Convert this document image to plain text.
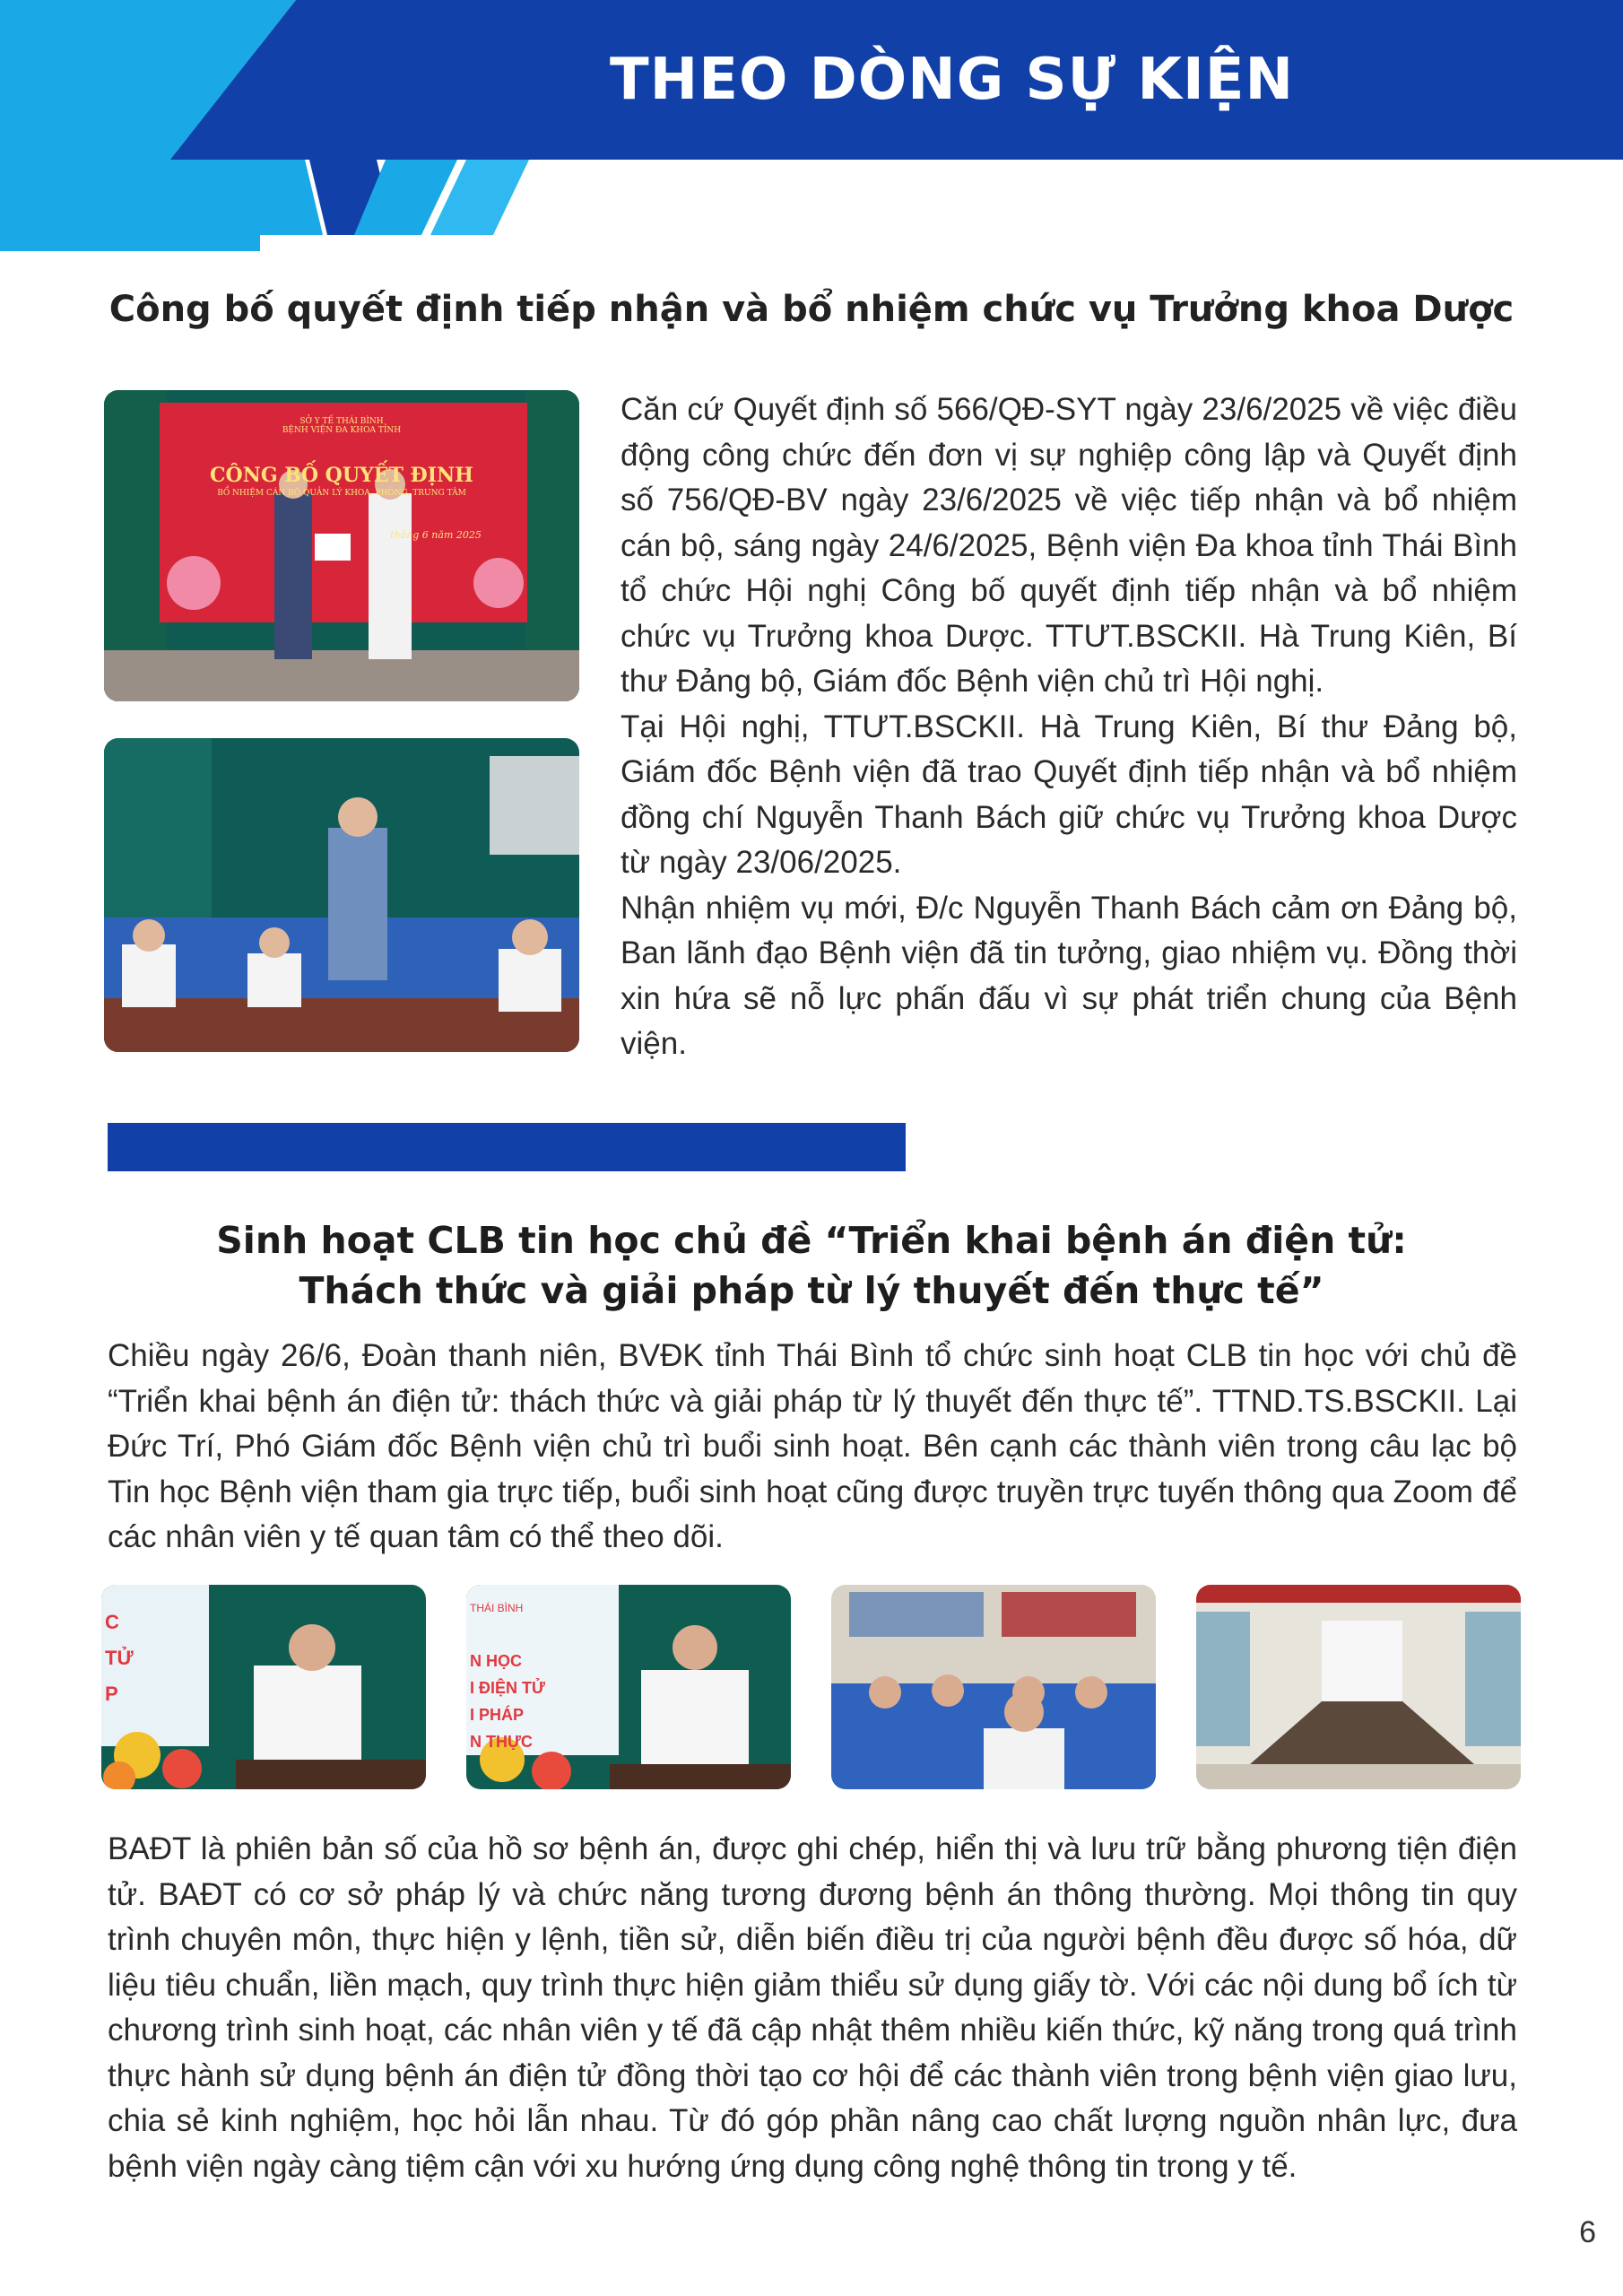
THEO DÒNG SỰ KIỆN
Công bố quyết định tiếp nhận và bổ nhiệm chức vụ Trưởng khoa Dược
SỞ Y TẾ THÁI BÌNH
BỆNH VIỆN ĐA KHOA TỈNH
CÔNG BỐ QUYẾT ĐỊNH
BỔ NHIỆM CÁN BỘ QUẢN LÝ KHOA, PHÒNG, TRUNG TÂM
tháng 6 năm 2025

Căn cứ Quyết định số 566/QĐ-SYT ngày 23/6/2025 về việc điều động công chức đến đơn vị sự nghiệp công lập và Quyết định số 756/QĐ-BV ngày 23/6/2025 về việc tiếp nhận và bổ nhiệm cán bộ, sáng ngày 24/6/2025, Bệnh viện Đa khoa tỉnh Thái Bình tổ chức Hội nghị Công bố quyết định tiếp nhận và bổ nhiệm chức vụ Trưởng khoa Dược. TTƯT.BSCKII. Hà Trung Kiên, Bí thư Đảng bộ, Giám đốc Bệnh viện chủ trì Hội nghị.

Tại Hội nghị, TTƯT.BSCKII. Hà Trung Kiên, Bí thư Đảng bộ, Giám đốc Bệnh viện đã trao Quyết định tiếp nhận và bổ nhiệm đồng chí Nguyễn Thanh Bách giữ chức vụ Trưởng khoa Dược từ ngày 23/06/2025.

Nhận nhiệm vụ mới, Đ/c Nguyễn Thanh Bách cảm ơn Đảng bộ, Ban lãnh đạo Bệnh viện đã tin tưởng, giao nhiệm vụ. Đồng thời xin hứa sẽ nỗ lực phấn đấu vì sự phát triển chung của Bệnh viện.

Sinh hoạt CLB tin học chủ đề “Triển khai bệnh án điện tử:
Thách thức và giải pháp từ lý thuyết đến thực tế”
Chiều ngày 26/6, Đoàn thanh niên, BVĐK tỉnh Thái Bình tổ chức sinh hoạt CLB tin học với chủ đề “Triển khai bệnh án điện tử: thách thức và giải pháp từ lý thuyết đến thực tế”. TTND.TS.BSCKII. Lại Đức Trí, Phó Giám đốc Bệnh viện chủ trì buổi sinh hoạt. Bên cạnh các thành viên trong câu lạc bộ Tin học Bệnh viện tham gia trực tiếp, buổi sinh hoạt cũng được truyền trực tuyến thông qua Zoom để các nhân viên y tế quan tâm có thể theo dõi.
C
TỬ
P
THÁI BÌNH
N HỌC
I ĐIỆN TỬ
I PHÁP
N THỰC
BAĐT là phiên bản số của hồ sơ bệnh án, được ghi chép, hiển thị và lưu trữ bằng phương tiện điện tử. BAĐT có cơ sở pháp lý và chức năng tương đương bệnh án thông thường. Mọi thông tin quy trình chuyên môn, thực hiện y lệnh, tiền sử, diễn biến điều trị của người bệnh đều được số hóa, dữ liệu tiêu chuẩn, liền mạch, quy trình thực hiện giảm thiểu sử dụng giấy tờ. Với các nội dung bổ ích từ chương trình sinh hoạt, các nhân viên y tế đã cập nhật thêm nhiều kiến thức, kỹ năng trong quá trình thực hành sử dụng bệnh án điện tử đồng thời tạo cơ hội để các thành viên trong bệnh viện giao lưu, chia sẻ kinh nghiệm, học hỏi lẫn nhau. Từ đó góp phần nâng cao chất lượng nguồn nhân lực, đưa bệnh viện ngày càng tiệm cận với xu hướng ứng dụng công nghệ thông tin trong y tế.
6
